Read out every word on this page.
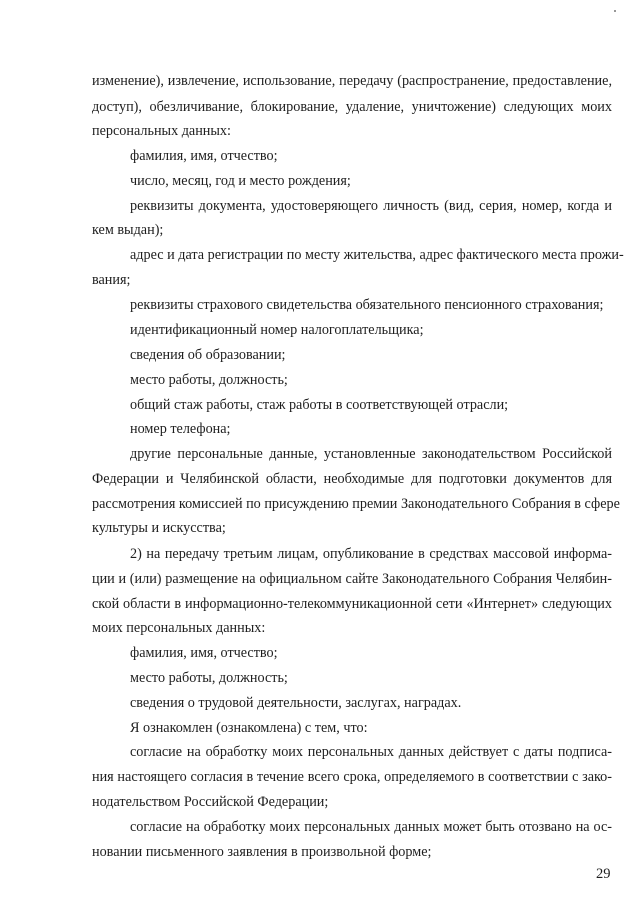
изменение), извлечение, использование, передачу (распространение, предоставление,

доступ), обезличивание, блокирование, удаление, уничтожение) следующих моих

персональных данных:

фамилия, имя, отчество;

число, месяц, год и место рождения;

реквизиты документа, удостоверяющего личность (вид, серия, номер, когда и

кем выдан);

адрес и дата регистрации по месту жительства, адрес фактического места прожи-

вания;

реквизиты страхового свидетельства обязательного пенсионного страхования;

идентификационный номер налогоплательщика;

сведения об образовании;

место работы, должность;

общий стаж работы, стаж работы в соответствующей отрасли;

номер телефона;

другие персональные данные, установленные законодательством Российской

Федерации и Челябинской области, необходимые для подготовки документов для

рассмотрения комиссией по присуждению премии Законодательного Собрания в сфере

культуры и искусства;

2) на передачу третьим лицам, опубликование в средствах массовой информа-

ции и (или) размещение на официальном сайте Законодательного Собрания Челябин-

ской области в информационно-телекоммуникационной сети «Интернет» следующих

моих персональных данных:

фамилия, имя, отчество;

место работы, должность;

сведения о трудовой деятельности, заслугах, наградах.

Я ознакомлен (ознакомлена) с тем, что:

согласие на обработку моих персональных данных действует с даты подписа-

ния настоящего согласия в течение всего срока, определяемого в соответствии с зако-

нодательством Российской Федерации;

согласие на обработку моих персональных данных может быть отозвано на ос-

новании письменного заявления в произвольной форме;

29
